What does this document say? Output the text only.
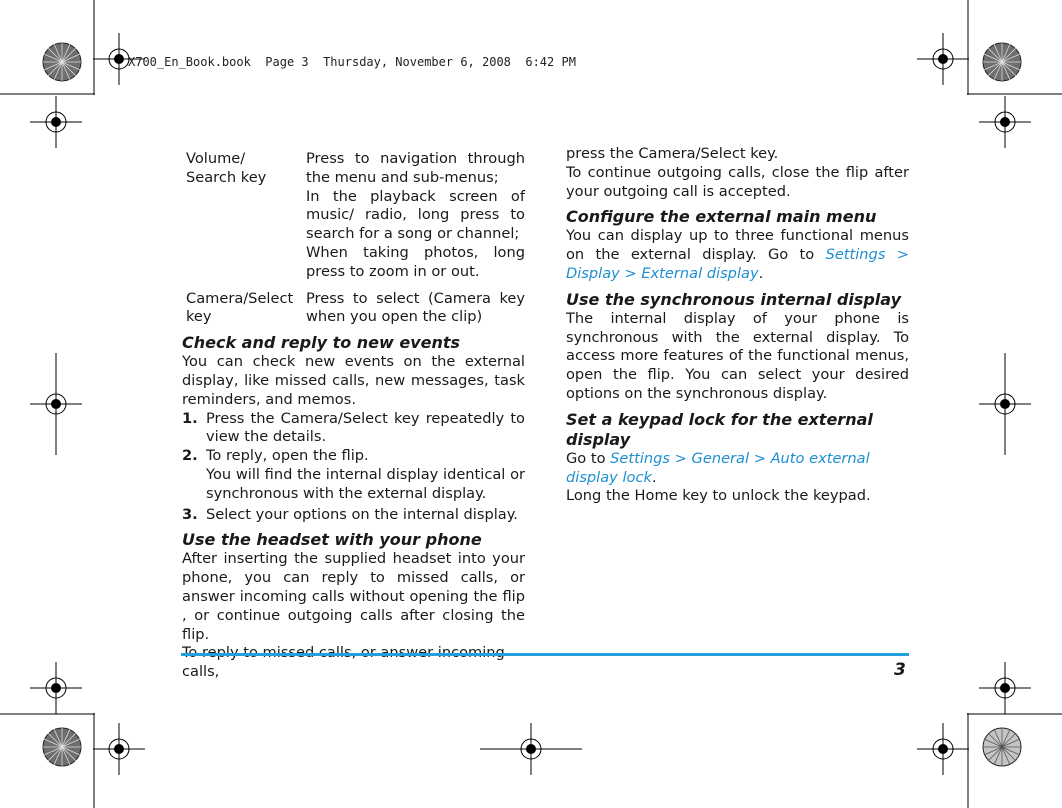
X700_En_Book.book  Page 3  Thursday, November 6, 2008  6:42 PM

Volume/

Search key

Press to navigation through the menu and sub-menus;

In the playback screen of music/ radio, long press to search for a song or channel;

When taking photos, long press to zoom in or out.

Camera/Select

key

Press to select (Camera key when you open the clip)

Check and reply to new events

You can check new events on the external display, like missed calls, new messages, task reminders, and memos.

1. Press the Camera/Select key repeatedly to view the details.
2. To reply, open the flip.
You will find the internal display identical or synchronous with the external display.
3. Select your options on the internal display.
Use the headset with your phone

After inserting the supplied headset into your phone, you can reply to missed calls, or answer incoming calls without opening the flip , or continue outgoing calls after closing the flip.

calls,

press the Camera/Select key.

To continue outgoing calls, close the flip after your outgoing call is accepted.

Configure the external main menu

You can display up to three functional menus on the external display. Go to Settings > Display > External display.

Use the synchronous internal display

The internal display of your phone is synchronous with the external display. To access more features of the functional menus, open the flip. You can select your desired options on the synchronous display.

Set a keypad lock for the external display

Go to Settings > General > Auto external display lock.

Long the Home key to unlock the keypad.

3
